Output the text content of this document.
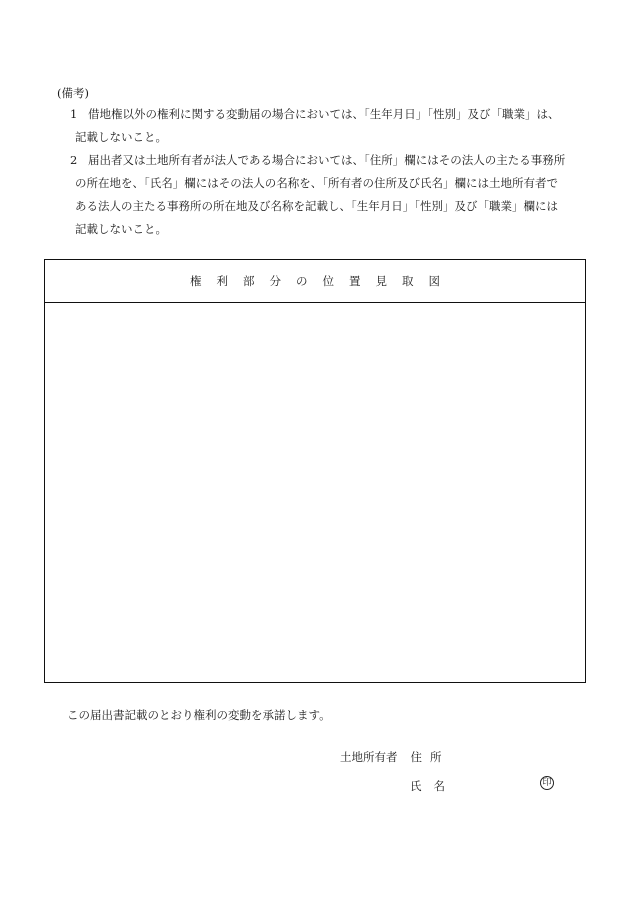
(備考)
1 借地権以外の権利に関する変動届の場合においては、「生年月日」「性別」及び「職業」は、
記載しないこと。
2 届出者又は土地所有者が法人である場合においては、「住所」欄にはその法人の主たる事務所
の所在地を、「氏名」欄にはその法人の名称を、「所有者の住所及び氏名」欄には土地所有者で
ある法人の主たる事務所の所在地及び名称を記載し、「生年月日」「性別」及び「職業」欄には
記載しないこと。
権利部分の位置見取図
この届出書記載のとおり権利の変動を承諾します。
土地所有者 住所
氏名	印
